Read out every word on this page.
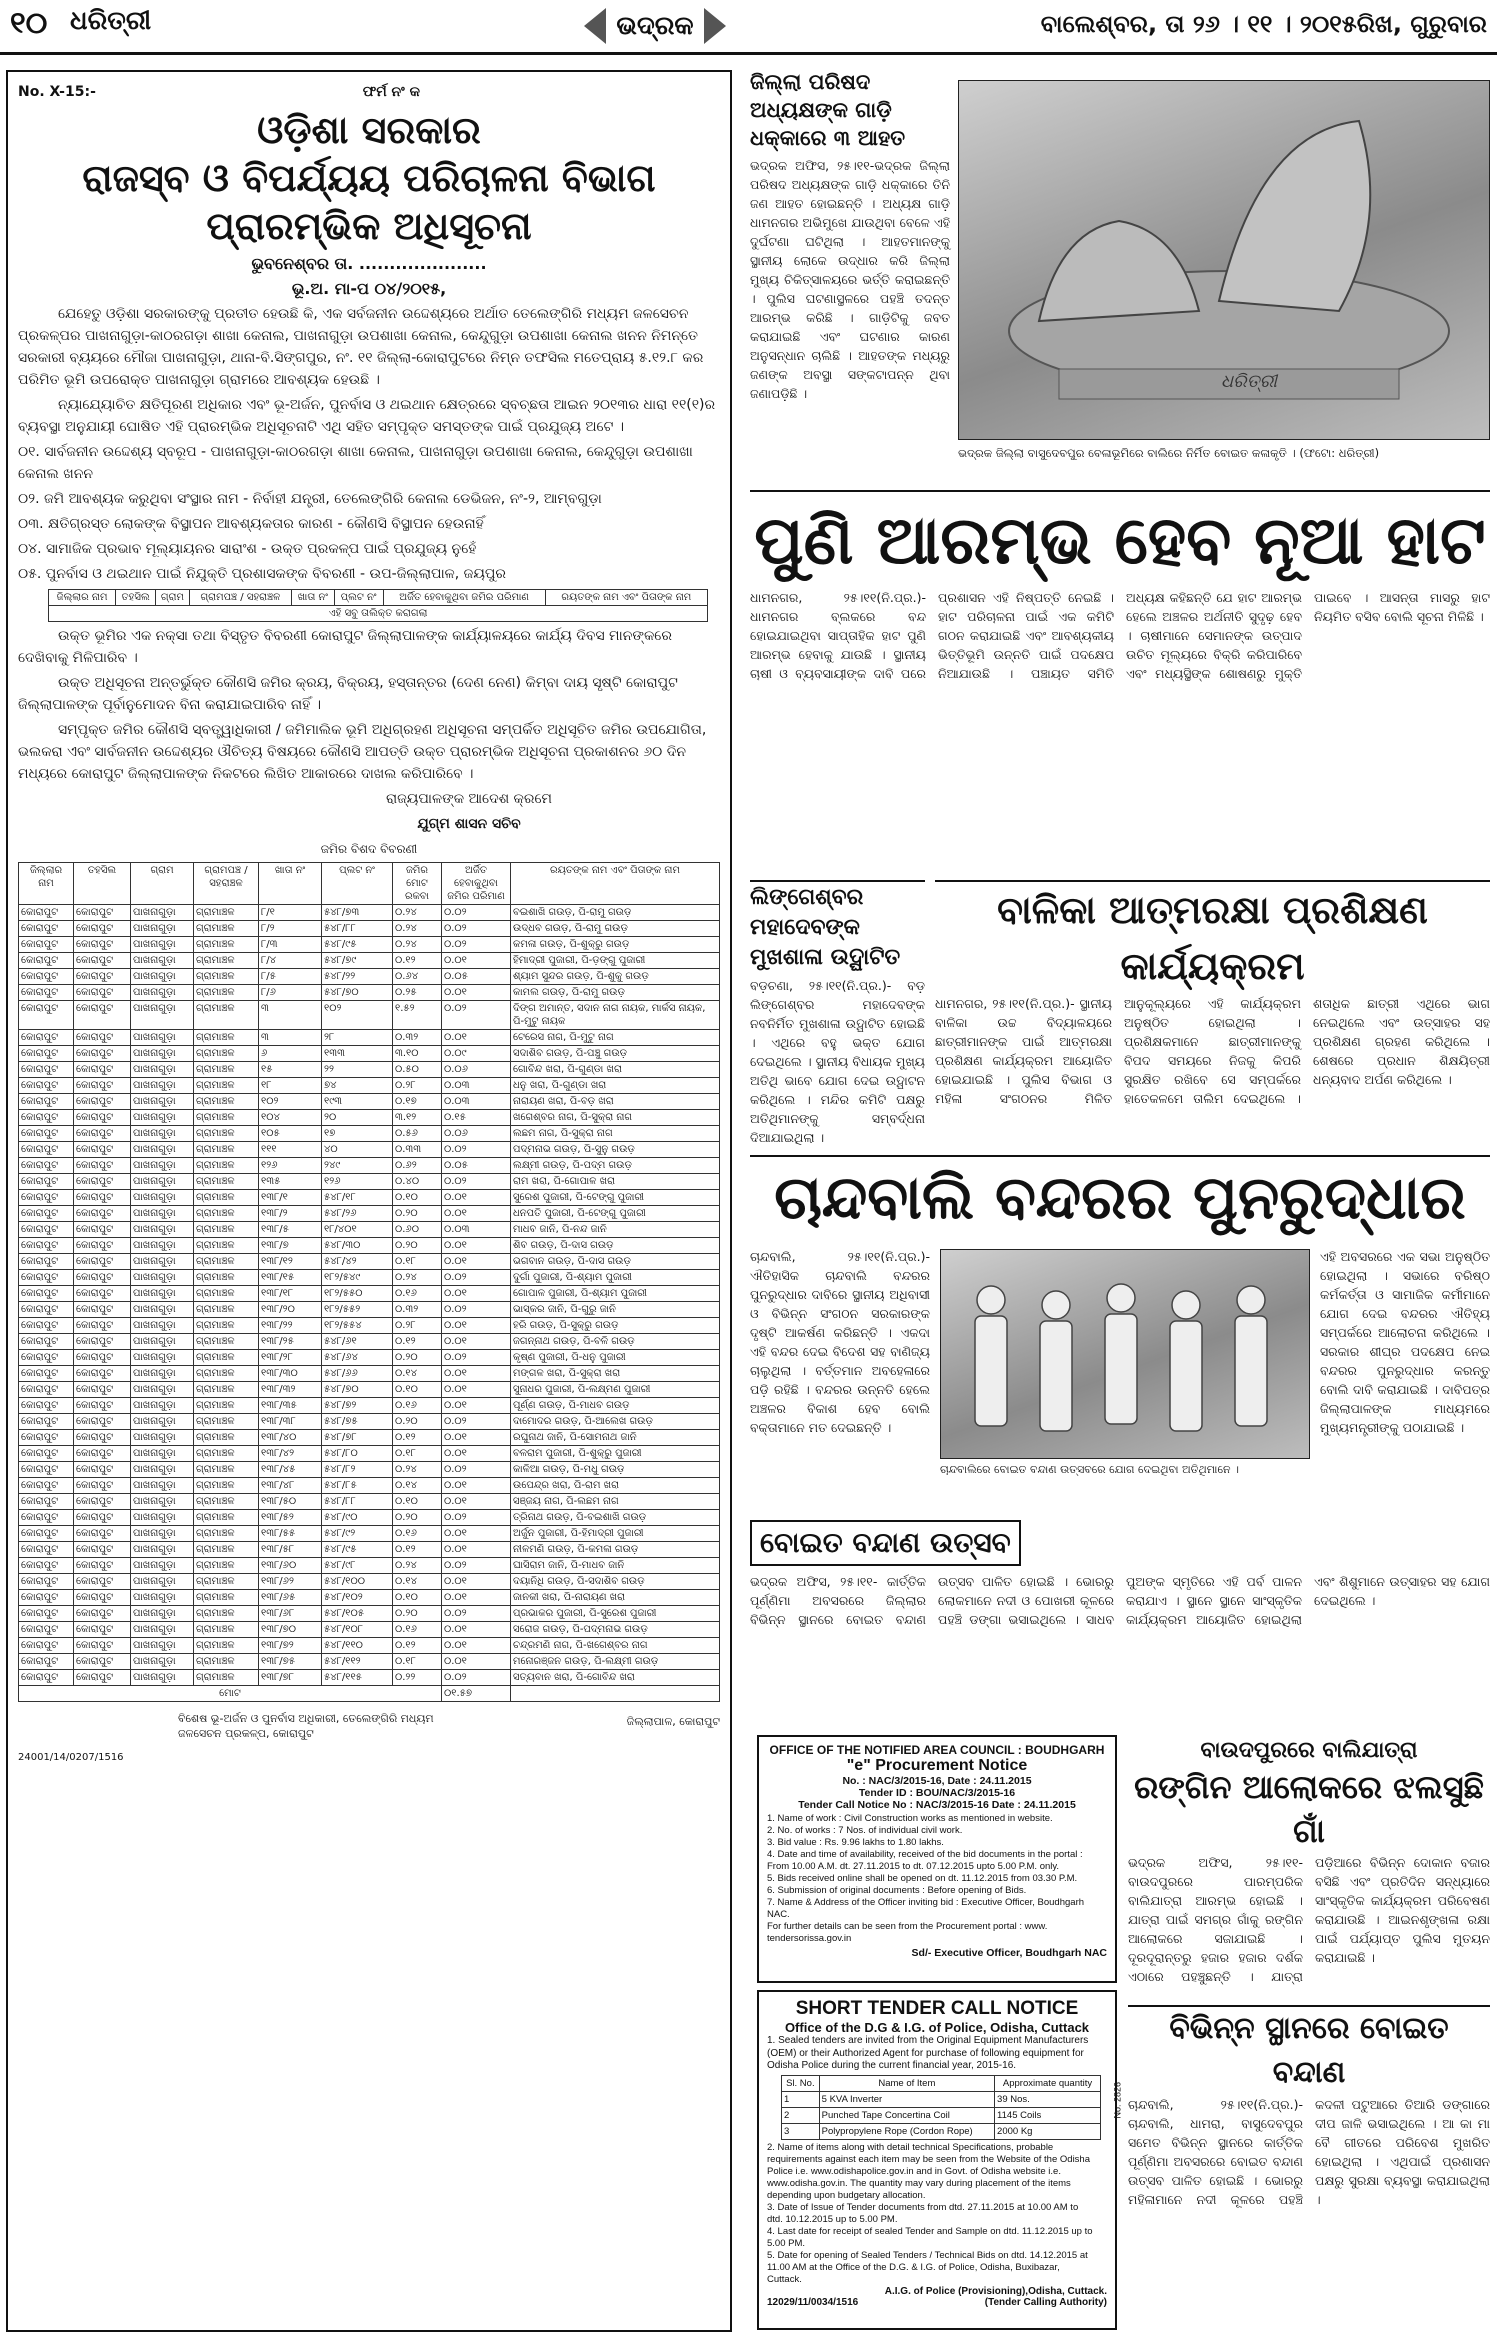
୧୦ ଧରିତ୍ରୀ	ଭଦ୍ରକ	ବାଲେଶ୍ବର, ତା ୨୬ । ୧୧ । ୨୦୧୫ରିଖ, ଗୁରୁବାର
No. X-15:-	ଫର୍ମ ନଂ କ
ଓଡ଼ିଶା ସରକାର
ରାଜସ୍ବ ଓ ବିପର୍ଯ୍ୟୟ ପରିଚାଳନା ବିଭାଗ
ପ୍ରାରମ୍ଭିକ ଅଧିସୂଚନା
ଭୁବନେଶ୍ବର ତା. .....................
ଭୂ.ଅ. ମା-ପ ୦୪/୨୦୧୫,
ଯେହେତୁ ଓଡ଼ିଶା ସରକାରଙ୍କୁ ପ୍ରତୀତ ହେଉଛି କି, ଏକ ସର୍ବଜନୀନ ଉଦ୍ଦେଶ୍ୟରେ ଅର୍ଥାତ ତେଲେଙ୍ଗିରି ମଧ୍ୟମ ଜଳସେଚନ ପ୍ରକଳ୍ପର ପାଖନାଗୁଡ଼ା-କାଠରଗଡ଼ା ଶାଖା କେନାଲ, ପାଖନାଗୁଡ଼ା ଉପଶାଖା କେନାଲ, କେନ୍ଦୁଗୁଡ଼ା ଉପଶାଖା କେନାଲ ଖନନ ନିମନ୍ତେ ସରକାରୀ ବ୍ୟୟରେ ମୌଜା ପାଖନାଗୁଡ଼ା, ଥାନା-ବି.ସିଙ୍ଗପୁର, ନଂ. ୧୧ ଜିଲ୍ଲା-କୋରାପୁଟରେ ନିମ୍ନ ତଫସିଲ ମତେପ୍ରାୟ ୫.୧୨.୮ କର ପରିମିତ ଭୂମି ଉପରୋକ୍ତ ପାଖନାଗୁଡ଼ା ଗ୍ରାମରେ ଆବଶ୍ୟକ ହେଉଛି ।
ନ୍ୟାଯ୍ୟୋଚିତ କ୍ଷତିପୂରଣ ଅଧିକାର ଏବଂ ଭୂ-ଅର୍ଜନ, ପୁନର୍ବାସ ଓ ଥଇଥାନ କ୍ଷେତ୍ରରେ ସ୍ବଚ୍ଛତା ଆଇନ ୨୦୧୩ର ଧାରା ୧୧(୧)ର ବ୍ୟବସ୍ଥା ଅନୁଯାୟୀ ଘୋଷିତ ଏହି ପ୍ରାରମ୍ଭିକ ଅଧିସୂଚନାଟି ଏଥି ସହିତ ସମ୍ପୃକ୍ତ ସମସ୍ତଙ୍କ ପାଇଁ ପ୍ରଯୁଜ୍ୟ ଅଟେ ।
୦୧. ସାର୍ବଜନୀନ ଉଦ୍ଦେଶ୍ୟ ସ୍ବରୂପ - ପାଖନାଗୁଡ଼ା-କାଠରଗଡ଼ା ଶାଖା କେନାଲ, ପାଖନାଗୁଡ଼ା ଉପଶାଖା କେନାଲ, କେନ୍ଦୁଗୁଡ଼ା ଉପଶାଖା କେନାଲ ଖନନ
୦୨. ଜମି ଆବଶ୍ୟକ କରୁଥିବା ସଂସ୍ଥାର ନାମ - ନିର୍ବାହୀ ଯନ୍ତ୍ରୀ, ତେଲେଙ୍ଗିରି କେନାଲ ଡେଭିଜନ, ନଂ-୨, ଆମ୍ବଗୁଡ଼ା
୦୩. କ୍ଷତିଗ୍ରସ୍ତ ଲୋକଙ୍କ ବିସ୍ଥାପନ ଆବଶ୍ୟକତାର କାରଣ - କୌଣସି ବିସ୍ଥାପନ ହେଉନାହିଁ
୦୪. ସାମାଜିକ ପ୍ରଭାବ ମୂଲ୍ୟାୟନର ସାରାଂଶ - ଉକ୍ତ ପ୍ରକଳ୍ପ ପାଇଁ ପ୍ରଯୁଜ୍ୟ ନୁହେଁ
୦୫. ପୁନର୍ବାସ ଓ ଥଇଥାନ ପାଇଁ ନିଯୁକ୍ତି ପ୍ରଶାସକଙ୍କ ବିବରଣୀ - ଉପ-ଜିଲ୍ଲାପାଳ, ଜୟପୁର
ଜିଲ୍ଲାର ନାମ	ତହସିଲ	ଗ୍ରାମ	ଗ୍ରାମପଞ୍ଚ / ସହରାଞ୍ଚଳ	ଖାତା ନଂ	ପ୍ଲଟ ନଂ	ଅର୍ଜିତ ହେବାକୁଥିବା ଜମିର ପରିମାଣ	ରୟତଙ୍କ ନାମ ଏବଂ ପିତାଙ୍କ ନାମ
ଏହି ସବୁ ତାଲିକ୍ତ କରାଗଲା
ଉକ୍ତ ଭୂମିର ଏକ ନକ୍ସା ତଥା ବିସ୍ତୃତ ବିବରଣୀ କୋରାପୁଟ ଜିଲ୍ଲାପାଳଙ୍କ କାର୍ଯ୍ୟାଳୟରେ କାର୍ଯ୍ୟ ଦିବସ ମାନଙ୍କରେ ଦେଖିବାକୁ ମିଳିପାରିବ ।
ଉକ୍ତ ଅଧିସୂଚନା ଅନ୍ତର୍ଭୁକ୍ତ କୌଣସି ଜମିର କ୍ରୟ, ବିକ୍ରୟ, ହସ୍ତାନ୍ତର (ଦେଣ ନେଣ) କିମ୍ବା ଦାୟ ସୃଷ୍ଟି କୋରାପୁଟ ଜିଲ୍ଲାପାଳଙ୍କ ପୂର୍ବାନୁମୋଦନ ବିନା କରାଯାଇପାରିବ ନାହିଁ ।
ସମ୍ପୃକ୍ତ ଜମିର କୌଣସି ସ୍ବତ୍ତ୍ୱାଧିକାରୀ / ଜମିମାଲିକ ଭୂମି ଅଧିଗ୍ରହଣ ଅଧିସୂଚନା ସମ୍ପର୍କିତ ଅଧିସୂଚିତ ଜମିର ଉପଯୋଗିତା, ଭଲକରା ଏବଂ ସାର୍ବଜନୀନ ଉଦ୍ଦେଶ୍ୟର ଔଚିତ୍ୟ ବିଷୟରେ କୌଣସି ଆପତ୍ତି ଉକ୍ତ ପ୍ରାରମ୍ଭିକ ଅଧିସୂଚନା ପ୍ରକାଶନର ୬୦ ଦିନ ମଧ୍ୟରେ କୋରାପୁଟ ଜିଲ୍ଲାପାଳଙ୍କ ନିକଟରେ ଲିଖିତ ଆକାରରେ ଦାଖଲ କରିପାରିବେ ।
ରାଜ୍ୟପାଳଙ୍କ ଆଦେଶ କ୍ରମେ
ଯୁଗ୍ମ ଶାସନ ସଚିବ
ଜମିର ବିଶଦ ବିବରଣୀ
ଜିଲ୍ଲାର ନାମ	ତହସିଲ	ଗ୍ରାମ	ଗ୍ରାମପଞ୍ଚ / ସହରାଞ୍ଚଳ	ଖାତା ନଂ	ପ୍ଲଟ ନଂ	ଜମିର ମୋଟ ରକବା	ଅର୍ଜିତ ହେବାକୁଥିବା ଜମିର ପରିମାଣ	ରୟତଙ୍କ ନାମ ଏବଂ ପିତାଙ୍କ ନାମ
କୋରାପୁଟ	କୋରାପୁଟ	ପାଖନାଗୁଡ଼ା	ଗ୍ରାମାଞ୍ଚଳ	୮/୧	୫୪୮/୭୩	୦.୨୪	୦.୦୨	ବଇଶାଖି ଗଉଡ଼, ପି-ରାମୁ ଗଉଡ଼
କୋରାପୁଟ	କୋରାପୁଟ	ପାଖନାଗୁଡ଼ା	ଗ୍ରାମାଞ୍ଚଳ	୮/୨	୫୪୮/୮୮	୦.୨୪	୦.୦୨	ଉଦ୍ଧବ ଗଉଡ଼, ପି-ରାମୁ ଗଉଡ଼
କୋରାପୁଟ	କୋରାପୁଟ	ପାଖନାଗୁଡ଼ା	ଗ୍ରାମାଞ୍ଚଳ	୮/୩	୫୪୮/୯୫	୦.୨୪	୦.୦୨	କମଳା ଗଉଡ଼, ପି-ଶୁକ୍ରୁ ଗଉଡ଼
କୋରାପୁଟ	କୋରାପୁଟ	ପାଖନାଗୁଡ଼ା	ଗ୍ରାମାଞ୍ଚଳ	୮/୪	୫୪୮/୭୯	୦.୧୨	୦.୦୧	ହିମାଦ୍ରୀ ପୁଜାରୀ, ପି-ଡ଼ଙ୍ଗୁ ପୁଜାରୀ
କୋରାପୁଟ	କୋରାପୁଟ	ପାଖନାଗୁଡ଼ା	ଗ୍ରାମାଞ୍ଚଳ	୮/୫	୫୪୮/୨୨	୦.୬୪	୦.୦୫	ଶ୍ୟାମ ସୁନ୍ଦର ଗଉଡ଼, ପି-ଶୁକୁ ଗଉଡ଼
କୋରାପୁଟ	କୋରାପୁଟ	ପାଖନାଗୁଡ଼ା	ଗ୍ରାମାଞ୍ଚଳ	୮/୬	୫୪୮/୭୦	୦.୨୫	୦.୦୧	କାମଲ ଗଉଡ଼, ପି-ରାମୁ ଗଉଡ଼
କୋରାପୁଟ	କୋରାପୁଟ	ପାଖନାଗୁଡ଼ା	ଗ୍ରାମାଞ୍ଚଳ	୩	୧୦୨	୧.୫୨	୦.୦୨	ଦିଙ୍ଗ ଅମାନ୍ତ, ସଦାନ ନାଗ ନାୟକ, ମାର୍କସ ନାୟକ, ପି-ମୁଟୁ ନାୟକ
କୋରାପୁଟ	କୋରାପୁଟ	ପାଖନାଗୁଡ଼ା	ଗ୍ରାମାଞ୍ଚଳ	୩	୨୮	୦.୩୨	୦.୦୧	ଟେରେସ ନାଗ, ପି-ମୁଟୁ ନାଗ
କୋରାପୁଟ	କୋରାପୁଟ	ପାଖନାଗୁଡ଼ା	ଗ୍ରାମାଞ୍ଚଳ	୬	୧୩୩	୩.୧୦	୦.୦୯	ସଦାଶିବ ଗଉଡ଼, ପି-ପଞ୍ଚୁ ଗଉଡ଼
କୋରାପୁଟ	କୋରାପୁଟ	ପାଖନାଗୁଡ଼ା	ଗ୍ରାମାଞ୍ଚଳ	୧୫	୨୨	୦.୫୦	୦.୦୬	ଗୋବିନ୍ଦ ଖରା, ପି-ଗୁଣ୍ଡା ଖରା
କୋରାପୁଟ	କୋରାପୁଟ	ପାଖନାଗୁଡ଼ା	ଗ୍ରାମାଞ୍ଚଳ	୧୮	୭୪	୦.୨୮	୦.୦୩	ଧନୁ ଖରା, ପି-ଗୁଣ୍ଡା ଖରା
କୋରାପୁଟ	କୋରାପୁଟ	ପାଖନାଗୁଡ଼ା	ଗ୍ରାମାଞ୍ଚଳ	୧୦୨	୧୯୩	୦.୧୭	୦.୦୩	ନାରାୟଣ ଖରା, ପି-ବଡ଼ ଖରା
କୋରାପୁଟ	କୋରାପୁଟ	ପାଖନାଗୁଡ଼ା	ଗ୍ରାମାଞ୍ଚଳ	୧୦୪	୨୦	୩.୧୨	୦.୧୫	ଖଗେଶ୍ବର ନାଗ, ପି-ସୁକ୍ରା ନାଗ
କୋରାପୁଟ	କୋରାପୁଟ	ପାଖନାଗୁଡ଼ା	ଗ୍ରାମାଞ୍ଚଳ	୧୦୫	୧୭	୦.୫୬	୦.୦୬	ଲଛମ ନାଗ, ପି-ସୁକ୍ରା ନାଗ
କୋରାପୁଟ	କୋରାପୁଟ	ପାଖନାଗୁଡ଼ା	ଗ୍ରାମାଞ୍ଚଳ	୧୧୧	୪୦	୦.୩୩	୦.୦୨	ପଦ୍ମନାଭ ଗଉଡ଼, ପି-ସୁନୁ ଗଉଡ଼
କୋରାପୁଟ	କୋରାପୁଟ	ପାଖନାଗୁଡ଼ା	ଗ୍ରାମାଞ୍ଚଳ	୧୨୬	୨୪୯	୦.୬୨	୦.୦୫	ଲକ୍ଷ୍ମୀ ଗଉଡ଼, ପି-ପଦ୍ମ ଗଉଡ଼
କୋରାପୁଟ	କୋରାପୁଟ	ପାଖନାଗୁଡ଼ା	ଗ୍ରାମାଞ୍ଚଳ	୧୩୫	୧୨୬	୦.୪୦	୦.୦୨	ରାମ ଖରା, ପି-ଗୋପାଳ ଖରା
କୋରାପୁଟ	କୋରାପୁଟ	ପାଖନାଗୁଡ଼ା	ଗ୍ରାମାଞ୍ଚଳ	୧୩୮/୧	୫୪୮/୧୮	୦.୧୦	୦.୦୧	ସୁରେଶ ପୁଜାରୀ, ପି-ଟେଙ୍ଗୁ ପୁଜାରୀ
କୋରାପୁଟ	କୋରାପୁଟ	ପାଖନାଗୁଡ଼ା	ଗ୍ରାମାଞ୍ଚଳ	୧୩୮/୨	୫୪୮/୨୬	୦.୨୦	୦.୦୧	ଧନପତି ପୁଜାରୀ, ପି-ଟେଙ୍ଗୁ ପୁଜାରୀ
କୋରାପୁଟ	କୋରାପୁଟ	ପାଖନାଗୁଡ଼ା	ଗ୍ରାମାଞ୍ଚଳ	୧୩୮/୫	୧୮/୪୦୧	୦.୬୦	୦.୦୩	ମାଧବ ଜାନି, ପି-ନନ୍ଦ ଜାନି
କୋରାପୁଟ	କୋରାପୁଟ	ପାଖନାଗୁଡ଼ା	ଗ୍ରାମାଞ୍ଚଳ	୧୩୮/୭	୫୪୮/୩୦	୦.୨୦	୦.୦୧	ଶିବ ଗଉଡ଼, ପି-ଦାସ ଗଉଡ଼
କୋରାପୁଟ	କୋରାପୁଟ	ପାଖନାଗୁଡ଼ା	ଗ୍ରାମାଞ୍ଚଳ	୧୩୮/୧୨	୫୪୮/୪୨	୦.୧୮	୦.୦୧	ଭଗବାନ ଗଉଡ଼, ପି-ଦାସ ଗଉଡ଼
କୋରାପୁଟ	କୋରାପୁଟ	ପାଖନାଗୁଡ଼ା	ଗ୍ରାମାଞ୍ଚଳ	୧୩୮/୧୫	୧୮୨/୫୪୯	୦.୨୪	୦.୦୨	ଦୁର୍ଗା ପୁଜାରୀ, ପି-ଶ୍ୟାମ ପୁଜାରୀ
କୋରାପୁଟ	କୋରାପୁଟ	ପାଖନାଗୁଡ଼ା	ଗ୍ରାମାଞ୍ଚଳ	୧୩୮/୧୮	୧୮୨/୫୫୦	୦.୧୬	୦.୦୧	ଗୋପାଳ ପୁଜାରୀ, ପି-ଶ୍ୟାମ ପୁଜାରୀ
କୋରାପୁଟ	କୋରାପୁଟ	ପାଖନାଗୁଡ଼ା	ଗ୍ରାମାଞ୍ଚଳ	୧୩୮/୨୦	୧୮୨/୫୫୨	୦.୩୨	୦.୦୨	ଭାସ୍କର ଜାନି, ପି-ଗୁରୁ ଜାନି
କୋରାପୁଟ	କୋରାପୁଟ	ପାଖନାଗୁଡ଼ା	ଗ୍ରାମାଞ୍ଚଳ	୧୩୮/୨୨	୧୮୨/୫୫୪	୦.୨୮	୦.୦୧	ହରି ଗଉଡ଼, ପି-ସୁକ୍ରୁ ଗଉଡ଼
କୋରାପୁଟ	କୋରାପୁଟ	ପାଖନାଗୁଡ଼ା	ଗ୍ରାମାଞ୍ଚଳ	୧୩୮/୨୫	୫୪୮/୬୧	୦.୧୨	୦.୦୧	ଜଗନ୍ନାଥ ଗଉଡ଼, ପି-ବଳି ଗଉଡ଼
କୋରାପୁଟ	କୋରାପୁଟ	ପାଖନାଗୁଡ଼ା	ଗ୍ରାମାଞ୍ଚଳ	୧୩୮/୨୮	୫୪୮/୬୪	୦.୨୦	୦.୦୨	କୃଷ୍ଣ ପୁଜାରୀ, ପି-ଧନୁ ପୁଜାରୀ
କୋରାପୁଟ	କୋରାପୁଟ	ପାଖନାଗୁଡ଼ା	ଗ୍ରାମାଞ୍ଚଳ	୧୩୮/୩୦	୫୪୮/୬୬	୦.୧୪	୦.୦୧	ମଙ୍ଗଳ ଖରା, ପି-ସୁକ୍ରା ଖରା
କୋରାପୁଟ	କୋରାପୁଟ	ପାଖନାଗୁଡ଼ା	ଗ୍ରାମାଞ୍ଚଳ	୧୩୮/୩୨	୫୪୮/୭୦	୦.୧୦	୦.୦୧	ସୁନାଧର ପୁଜାରୀ, ପି-ଲକ୍ଷ୍ମଣ ପୁଜାରୀ
କୋରାପୁଟ	କୋରାପୁଟ	ପାଖନାଗୁଡ଼ା	ଗ୍ରାମାଞ୍ଚଳ	୧୩୮/୩୫	୫୪୮/୭୨	୦.୧୬	୦.୦୧	ପୂର୍ଣ୍ଣ ଗଉଡ଼, ପି-ମାଧବ ଗଉଡ଼
କୋରାପୁଟ	କୋରାପୁଟ	ପାଖନାଗୁଡ଼ା	ଗ୍ରାମାଞ୍ଚଳ	୧୩୮/୩୮	୫୪୮/୭୫	୦.୨୦	୦.୦୨	ଦାମୋଦର ଗଉଡ଼, ପି-ଆଲେଖ ଗଉଡ଼
କୋରାପୁଟ	କୋରାପୁଟ	ପାଖନାଗୁଡ଼ା	ଗ୍ରାମାଞ୍ଚଳ	୧୩୮/୪୦	୫୪୮/୭୮	୦.୧୨	୦.୦୧	ରଘୁନାଥ ଜାନି, ପି-ସୋମନାଥ ଜାନି
କୋରାପୁଟ	କୋରାପୁଟ	ପାଖନାଗୁଡ଼ା	ଗ୍ରାମାଞ୍ଚଳ	୧୩୮/୪୨	୫୪୮/୮୦	୦.୧୮	୦.୦୧	ବଳରାମ ପୁଜାରୀ, ପି-ଶୁକ୍ରୁ ପୁଜାରୀ
କୋରାପୁଟ	କୋରାପୁଟ	ପାଖନାଗୁଡ଼ା	ଗ୍ରାମାଞ୍ଚଳ	୧୩୮/୪୫	୫୪୮/୮୨	୦.୨୪	୦.୦୨	କାଳିଆ ଗଉଡ଼, ପି-ମଧୁ ଗଉଡ଼
କୋରାପୁଟ	କୋରାପୁଟ	ପାଖନାଗୁଡ଼ା	ଗ୍ରାମାଞ୍ଚଳ	୧୩୮/୪୮	୫୪୮/୮୫	୦.୧୪	୦.୦୧	ଉପେନ୍ଦ୍ର ଖରା, ପି-ରାମ ଖରା
କୋରାପୁଟ	କୋରାପୁଟ	ପାଖନାଗୁଡ଼ା	ଗ୍ରାମାଞ୍ଚଳ	୧୩୮/୫୦	୫୪୮/୮୮	୦.୧୦	୦.୦୧	ସଞ୍ଜୟ ନାଗ, ପି-ଲଛମ ନାଗ
କୋରାପୁଟ	କୋରାପୁଟ	ପାଖନାଗୁଡ଼ା	ଗ୍ରାମାଞ୍ଚଳ	୧୩୮/୫୨	୫୪୮/୯୦	୦.୨୦	୦.୦୨	ତ୍ରିନାଥ ଗଉଡ଼, ପି-ବଇଶାଖି ଗଉଡ଼
କୋରାପୁଟ	କୋରାପୁଟ	ପାଖନାଗୁଡ଼ା	ଗ୍ରାମାଞ୍ଚଳ	୧୩୮/୫୫	୫୪୮/୯୨	୦.୧୬	୦.୦୧	ଅର୍ଜୁନ ପୁଜାରୀ, ପି-ହିମାଦ୍ରୀ ପୁଜାରୀ
କୋରାପୁଟ	କୋରାପୁଟ	ପାଖନାଗୁଡ଼ା	ଗ୍ରାମାଞ୍ଚଳ	୧୩୮/୫୮	୫୪୮/୯୫	୦.୧୨	୦.୦୧	ନୀଳମଣି ଗଉଡ଼, ପି-କମଳା ଗଉଡ଼
କୋରାପୁଟ	କୋରାପୁଟ	ପାଖନାଗୁଡ଼ା	ଗ୍ରାମାଞ୍ଚଳ	୧୩୮/୬୦	୫୪୮/୯୮	୦.୨୪	୦.୦୨	ଘାସିରାମ ଜାନି, ପି-ମାଧବ ଜାନି
କୋରାପୁଟ	କୋରାପୁଟ	ପାଖନାଗୁଡ଼ା	ଗ୍ରାମାଞ୍ଚଳ	୧୩୮/୬୨	୫୪୮/୧୦୦	୦.୧୪	୦.୦୧	ଦୟାନିଧି ଗଉଡ଼, ପି-ସଦାଶିବ ଗଉଡ଼
କୋରାପୁଟ	କୋରାପୁଟ	ପାଖନାଗୁଡ଼ା	ଗ୍ରାମାଞ୍ଚଳ	୧୩୮/୬୫	୫୪୮/୧୦୨	୦.୧୦	୦.୦୧	ଜାନକୀ ଖରା, ପି-ନାରାୟଣ ଖରା
କୋରାପୁଟ	କୋରାପୁଟ	ପାଖନାଗୁଡ଼ା	ଗ୍ରାମାଞ୍ଚଳ	୧୩୮/୬୮	୫୪୮/୧୦୫	୦.୨୦	୦.୦୨	ପ୍ରଭାକର ପୁଜାରୀ, ପି-ସୁରେଶ ପୁଜାରୀ
କୋରାପୁଟ	କୋରାପୁଟ	ପାଖନାଗୁଡ଼ା	ଗ୍ରାମାଞ୍ଚଳ	୧୩୮/୭୦	୫୪୮/୧୦୮	୦.୧୬	୦.୦୧	ସରୋଜ ଗଉଡ଼, ପି-ପଦ୍ମନାଭ ଗଉଡ଼
କୋରାପୁଟ	କୋରାପୁଟ	ପାଖନାଗୁଡ଼ା	ଗ୍ରାମାଞ୍ଚଳ	୧୩୮/୭୨	୫୪୮/୧୧୦	୦.୧୨	୦.୦୧	ଚନ୍ଦ୍ରମଣି ନାଗ, ପି-ଖଗେଶ୍ବର ନାଗ
କୋରାପୁଟ	କୋରାପୁଟ	ପାଖନାଗୁଡ଼ା	ଗ୍ରାମାଞ୍ଚଳ	୧୩୮/୭୫	୫୪୮/୧୧୨	୦.୧୮	୦.୦୧	ମନୋରଞ୍ଜନ ଗଉଡ଼, ପି-ଲକ୍ଷ୍ମୀ ଗଉଡ଼
କୋରାପୁଟ	କୋରାପୁଟ	ପାଖନାଗୁଡ଼ା	ଗ୍ରାମାଞ୍ଚଳ	୧୩୮/୭୮	୫୪୮/୧୧୫	୦.୨୨	୦.୦୨	ସତ୍ୟବାନ ଖରା, ପି-ଗୋବିନ୍ଦ ଖରା
ମୋଟ							୦୧.୫୭	
ବିଶେଷ ଭୂ-ଅର୍ଜନ ଓ ପୁନର୍ବାସ ଅଧିକାରୀ, ତେଲେଙ୍ଗିରି ମଧ୍ୟମ ଜଳସେଚନ ପ୍ରକଳ୍ପ, କୋରାପୁଟ
ଜିଲ୍ଲାପାଳ, କୋରାପୁଟ
24001/14/0207/1516
ଜିଲ୍ଲା ପରିଷଦ ଅଧ୍ୟକ୍ଷଙ୍କ ଗାଡ଼ି ଧକ୍କାରେ ୩ ଆହତ
ଭଦ୍ରକ ଅଫିସ, ୨୫।୧୧-ଭଦ୍ରକ ଜିଲ୍ଲା ପରିଷଦ ଅଧ୍ୟକ୍ଷଙ୍କ ଗାଡ଼ି ଧକ୍କାରେ ତିନି ଜଣ ଆହତ ହୋଇଛନ୍ତି । ଅଧ୍ୟକ୍ଷ ଗାଡ଼ି ଧାମନଗର ଅଭିମୁଖେ ଯାଉଥିବା ବେଳେ ଏହି ଦୁର୍ଘଟଣା ଘଟିଥିଲା । ଆହତମାନଙ୍କୁ ସ୍ଥାନୀୟ ଲୋକେ ଉଦ୍ଧାର କରି ଜିଲ୍ଲା ମୁଖ୍ୟ ଚିକିତ୍ସାଳୟରେ ଭର୍ତ୍ତି କରାଇଛନ୍ତି । ପୁଲିସ ଘଟଣାସ୍ଥଳରେ ପହଞ୍ଚି ତଦନ୍ତ ଆରମ୍ଭ କରିଛି । ଗାଡ଼ିଟିକୁ ଜବତ କରାଯାଇଛି ଏବଂ ଘଟଣାର କାରଣ ଅନୁସନ୍ଧାନ ଚାଲିଛି । ଆହତଙ୍କ ମଧ୍ୟରୁ ଜଣଙ୍କ ଅବସ୍ଥା ସଙ୍କଟାପନ୍ନ ଥିବା ଜଣାପଡ଼ିଛି ।
ଧରିତ୍ରୀ
ଭଦ୍ରକ ଜିଲ୍ଲା ବାସୁଦେବପୁର ବେଳାଭୂମିରେ ବାଲିରେ ନିର୍ମିତ ବୋଇତ କଳାକୃତି । (ଫଟୋ: ଧରିତ୍ରୀ)
ପୁଣି ଆରମ୍ଭ ହେବ ନୂଆ ହାଟ
ଧାମନଗର, ୨୫।୧୧(ନି.ପ୍ର.)- ଧାମନଗର ବ୍ଲକରେ ବନ୍ଦ ହୋଇଯାଇଥିବା ସାପ୍ତାହିକ ହାଟ ପୁଣି ଆରମ୍ଭ ହେବାକୁ ଯାଉଛି । ସ୍ଥାନୀୟ ଚାଷୀ ଓ ବ୍ୟବସାୟୀଙ୍କ ଦାବି ପରେ ପ୍ରଶାସନ ଏହି ନିଷ୍ପତ୍ତି ନେଇଛି । ହାଟ ପରିଚାଳନା ପାଇଁ ଏକ କମିଟି ଗଠନ କରାଯାଇଛି ଏବଂ ଆବଶ୍ୟକୀୟ ଭିତ୍ତିଭୂମି ଉନ୍ନତି ପାଇଁ ପଦକ୍ଷେପ ନିଆଯାଉଛି । ପଞ୍ଚାୟତ ସମିତି ଅଧ୍ୟକ୍ଷ କହିଛନ୍ତି ଯେ ହାଟ ଆରମ୍ଭ ହେଲେ ଅଞ୍ଚଳର ଅର୍ଥନୀତି ସୁଦୃଢ଼ ହେବ । ଚାଷୀମାନେ ସେମାନଙ୍କ ଉତ୍ପାଦ ଉଚିତ ମୂଲ୍ୟରେ ବିକ୍ରି କରିପାରିବେ ଏବଂ ମଧ୍ୟସ୍ଥିଙ୍କ ଶୋଷଣରୁ ମୁକ୍ତି ପାଇବେ । ଆସନ୍ତା ମାସରୁ ହାଟ ନିୟମିତ ବସିବ ବୋଲି ସୂଚନା ମିଳିଛି ।
ଲିଙ୍ଗେଶ୍ବର ମହାଦେବଙ୍କ ମୁଖଶାଳା ଉଦ୍ଘାଟିତ
ବଡ଼ଚଣା, ୨୫।୧୧(ନି.ପ୍ର.)- ବଡ଼ ଲିଙ୍ଗେଶ୍ବର ମହାଦେବଙ୍କ ନବନିର୍ମିତ ମୁଖଶାଳା ଉଦ୍ଘାଟିତ ହୋଇଛି । ଏଥିରେ ବହୁ ଭକ୍ତ ଯୋଗ ଦେଇଥିଲେ । ସ୍ଥାନୀୟ ବିଧାୟକ ମୁଖ୍ୟ ଅତିଥି ଭାବେ ଯୋଗ ଦେଇ ଉଦ୍ଘାଟନ କରିଥିଲେ । ମନ୍ଦିର କମିଟି ପକ୍ଷରୁ ଅତିଥିମାନଙ୍କୁ ସମ୍ବର୍ଦ୍ଧନା ଦିଆଯାଇଥିଲା ।
ବାଳିକା ଆତ୍ମରକ୍ଷା ପ୍ରଶିକ୍ଷଣ କାର୍ଯ୍ୟକ୍ରମ
ଧାମନଗର, ୨୫।୧୧(ନି.ପ୍ର.)- ସ୍ଥାନୀୟ ବାଳିକା ଉଚ୍ଚ ବିଦ୍ୟାଳୟରେ ଛାତ୍ରୀମାନଙ୍କ ପାଇଁ ଆତ୍ମରକ୍ଷା ପ୍ରଶିକ୍ଷଣ କାର୍ଯ୍ୟକ୍ରମ ଆୟୋଜିତ ହୋଇଯାଇଛି । ପୁଲିସ ବିଭାଗ ଓ ମହିଳା ସଂଗଠନର ମିଳିତ ଆନୁକୂଲ୍ୟରେ ଏହି କାର୍ଯ୍ୟକ୍ରମ ଅନୁଷ୍ଠିତ ହୋଇଥିଲା । ପ୍ରଶିକ୍ଷକମାନେ ଛାତ୍ରୀମାନଙ୍କୁ ବିପଦ ସମୟରେ ନିଜକୁ କିପରି ସୁରକ୍ଷିତ ରଖିବେ ସେ ସମ୍ପର୍କରେ ହାତେକଳମେ ତାଲିମ ଦେଇଥିଲେ । ଶତାଧିକ ଛାତ୍ରୀ ଏଥିରେ ଭାଗ ନେଇଥିଲେ ଏବଂ ଉତ୍ସାହର ସହ ପ୍ରଶିକ୍ଷଣ ଗ୍ରହଣ କରିଥିଲେ । ଶେଷରେ ପ୍ରଧାନ ଶିକ୍ଷୟିତ୍ରୀ ଧନ୍ୟବାଦ ଅର୍ପଣ କରିଥିଲେ ।
ଚାନ୍ଦବାଲି ବନ୍ଦରର ପୁନରୁଦ୍ଧାର
ଚାନ୍ଦବାଲି, ୨୫।୧୧(ନି.ପ୍ର.)- ଐତିହାସିକ ଚାନ୍ଦବାଲି ବନ୍ଦରର ପୁନରୁଦ୍ଧାର ଦାବିରେ ସ୍ଥାନୀୟ ଅଧିବାସୀ ଓ ବିଭିନ୍ନ ସଂଗଠନ ସରକାରଙ୍କ ଦୃଷ୍ଟି ଆକର୍ଷଣ କରିଛନ୍ତି । ଏକଦା ଏହି ବନ୍ଦର ଦେଇ ବିଦେଶ ସହ ବାଣିଜ୍ୟ ଚାଲୁଥିଲା । ବର୍ତ୍ତମାନ ଅବହେଳାରେ ପଡ଼ି ରହିଛି । ବନ୍ଦରର ଉନ୍ନତି ହେଲେ ଅଞ୍ଚଳର ବିକାଶ ହେବ ବୋଲି ବକ୍ତାମାନେ ମତ ଦେଇଛନ୍ତି ।
ଏହି ଅବସରରେ ଏକ ସଭା ଅନୁଷ୍ଠିତ ହୋଇଥିଲା । ସଭାରେ ବରିଷ୍ଠ କର୍ମକର୍ତ୍ତା ଓ ସାମାଜିକ କର୍ମୀମାନେ ଯୋଗ ଦେଇ ବନ୍ଦରର ଐତିହ୍ୟ ସମ୍ପର୍କରେ ଆଲୋଚନା କରିଥିଲେ । ସରକାର ଶୀଘ୍ର ପଦକ୍ଷେପ ନେଇ ବନ୍ଦରର ପୁନରୁଦ୍ଧାର କରନ୍ତୁ ବୋଲି ଦାବି କରାଯାଇଛି । ଦାବିପତ୍ର ଜିଲ୍ଲାପାଳଙ୍କ ମାଧ୍ୟମରେ ମୁଖ୍ୟମନ୍ତ୍ରୀଙ୍କୁ ପଠାଯାଇଛି ।
ଚାନ୍ଦବାଲିରେ ବୋଇତ ବନ୍ଦାଣ ଉତ୍ସବରେ ଯୋଗ ଦେଇଥିବା ଅତିଥିମାନେ ।
ବୋଇତ ବନ୍ଦାଣ ଉତ୍ସବ
ଭଦ୍ରକ ଅଫିସ, ୨୫।୧୧- କାର୍ତ୍ତିକ ପୂର୍ଣ୍ଣିମା ଅବସରରେ ଜିଲ୍ଲାର ବିଭିନ୍ନ ସ୍ଥାନରେ ବୋଇତ ବନ୍ଦାଣ ଉତ୍ସବ ପାଳିତ ହୋଇଛି । ଭୋରରୁ ଲୋକମାନେ ନଦୀ ଓ ପୋଖରୀ କୂଳରେ ପହଞ୍ଚି ଡଙ୍ଗା ଭସାଇଥିଲେ । ସାଧବ ପୁଅଙ୍କ ସ୍ମୃତିରେ ଏହି ପର୍ବ ପାଳନ କରାଯାଏ । ସ୍ଥାନେ ସ୍ଥାନେ ସାଂସ୍କୃତିକ କାର୍ଯ୍ୟକ୍ରମ ଆୟୋଜିତ ହୋଇଥିଲା ଏବଂ ଶିଶୁମାନେ ଉତ୍ସାହର ସହ ଯୋଗ ଦେଇଥିଲେ ।
OFFICE OF THE NOTIFIED AREA COUNCIL : BOUDHGARH
"e" Procurement Notice
No. : NAC/3/2015-16, Date : 24.11.2015
Tender ID : BOU/NAC/3/2015-16
Tender Call Notice No : NAC/3/2015-16 Date : 24.11.2015
1. Name of work : Civil Construction works as mentioned in website.
2. No. of works : 7 Nos. of individual civil work.
3. Bid value : Rs. 9.96 lakhs to 1.80 lakhs.
4. Date and time of availability, received of the bid documents in the portal : From 10.00 A.M. dt. 27.11.2015 to dt. 07.12.2015 upto 5.00 P.M. only.
5. Bids received online shall be opened on dt. 11.12.2015 from 03.30 P.M.
6. Submission of original documents : Before opening of Bids.
7. Name & Address of the Officer inviting bid : Executive Officer, Boudhgarh NAC.
For further details can be seen from the Procurement portal : www. tendersorissa.gov.in
Sd/- Executive Officer, Boudhgarh NAC
SHORT TENDER CALL NOTICE
Office of the D.G & I.G. of Police, Odisha, Cuttack
No. 2826
1. Sealed tenders are invited from the Original Equipment Manufacturers (OEM) or their Authorized Agent for purchase of following equipment for Odisha Police during the current financial year, 2015-16.
Sl. No.	Name of Item	Approximate quantity
1	5 KVA Inverter	39 Nos.
2	Punched Tape Concertina Coil	1145 Coils
3	Polypropylene Rope (Cordon Rope)	2000 Kg
2. Name of items along with detail technical Specifications, probable requirements against each item may be seen from the Website of the Odisha Police i.e. www.odishapolice.gov.in and in Govt. of Odisha website i.e. www.odisha.gov.in. The quantity may vary during placement of the items depending upon budgetary allocation.
3. Date of Issue of Tender documents from dtd. 27.11.2015 at 10.00 AM to dtd. 10.12.2015 up to 5.00 PM.
4. Last date for receipt of sealed Tender and Sample on dtd. 11.12.2015 up to 5.00 PM.
5. Date for opening of Sealed Tenders / Technical Bids on dtd. 14.12.2015 at 11.00 AM at the Office of the D.G. & I.G. of Police, Odisha, Buxibazar, Cuttack.
A.I.G. of Police (Provisioning),Odisha, Cuttack.
12029/11/0034/1516	(Tender Calling Authority)
ବାଉଦପୁରରେ ବାଲିଯାତ୍ରା
ରଙ୍ଗିନ ଆଲୋକରେ ଝଲସୁଛି ଗାଁ
ଭଦ୍ରକ ଅଫିସ, ୨୫।୧୧- ବାଉଦପୁରରେ ପାରମ୍ପରିକ ବାଲିଯାତ୍ରା ଆରମ୍ଭ ହୋଇଛି । ଯାତ୍ରା ପାଇଁ ସମଗ୍ର ଗାଁକୁ ରଙ୍ଗିନ ଆଲୋକରେ ସଜାଯାଇଛି । ଦୂରଦୂରାନ୍ତରୁ ହଜାର ହଜାର ଦର୍ଶକ ଏଠାରେ ପହଞ୍ଚୁଛନ୍ତି । ଯାତ୍ରା ପଡ଼ିଆରେ ବିଭିନ୍ନ ଦୋକାନ ବଜାର ବସିଛି ଏବଂ ପ୍ରତିଦିନ ସନ୍ଧ୍ୟାରେ ସାଂସ୍କୃତିକ କାର୍ଯ୍ୟକ୍ରମ ପରିବେଷଣ କରାଯାଉଛି । ଆଇନଶୃଙ୍ଖଳା ରକ୍ଷା ପାଇଁ ପର୍ଯ୍ୟାପ୍ତ ପୁଲିସ ମୁତୟନ କରାଯାଇଛି ।
ବିଭିନ୍ନ ସ୍ଥାନରେ ବୋଇତ ବନ୍ଦାଣ
ଚାନ୍ଦବାଲି, ୨୫।୧୧(ନି.ପ୍ର.)- ଚାନ୍ଦବାଲି, ଧାମରା, ବାସୁଦେବପୁର ସମେତ ବିଭିନ୍ନ ସ୍ଥାନରେ କାର୍ତ୍ତିକ ପୂର୍ଣ୍ଣିମା ଅବସରରେ ବୋଇତ ବନ୍ଦାଣ ଉତ୍ସବ ପାଳିତ ହୋଇଛି । ଭୋରରୁ ମହିଳାମାନେ ନଦୀ କୂଳରେ ପହଞ୍ଚି କଦଳୀ ପଟୁଆରେ ତିଆରି ଡଙ୍ଗାରେ ଦୀପ ଜାଳି ଭସାଇଥିଲେ । ଆ କା ମା ବୈ ଗୀତରେ ପରିବେଶ ମୁଖରିତ ହୋଇଥିଲା । ଏଥିପାଇଁ ପ୍ରଶାସନ ପକ୍ଷରୁ ସୁରକ୍ଷା ବ୍ୟବସ୍ଥା କରାଯାଇଥିଲା ।
